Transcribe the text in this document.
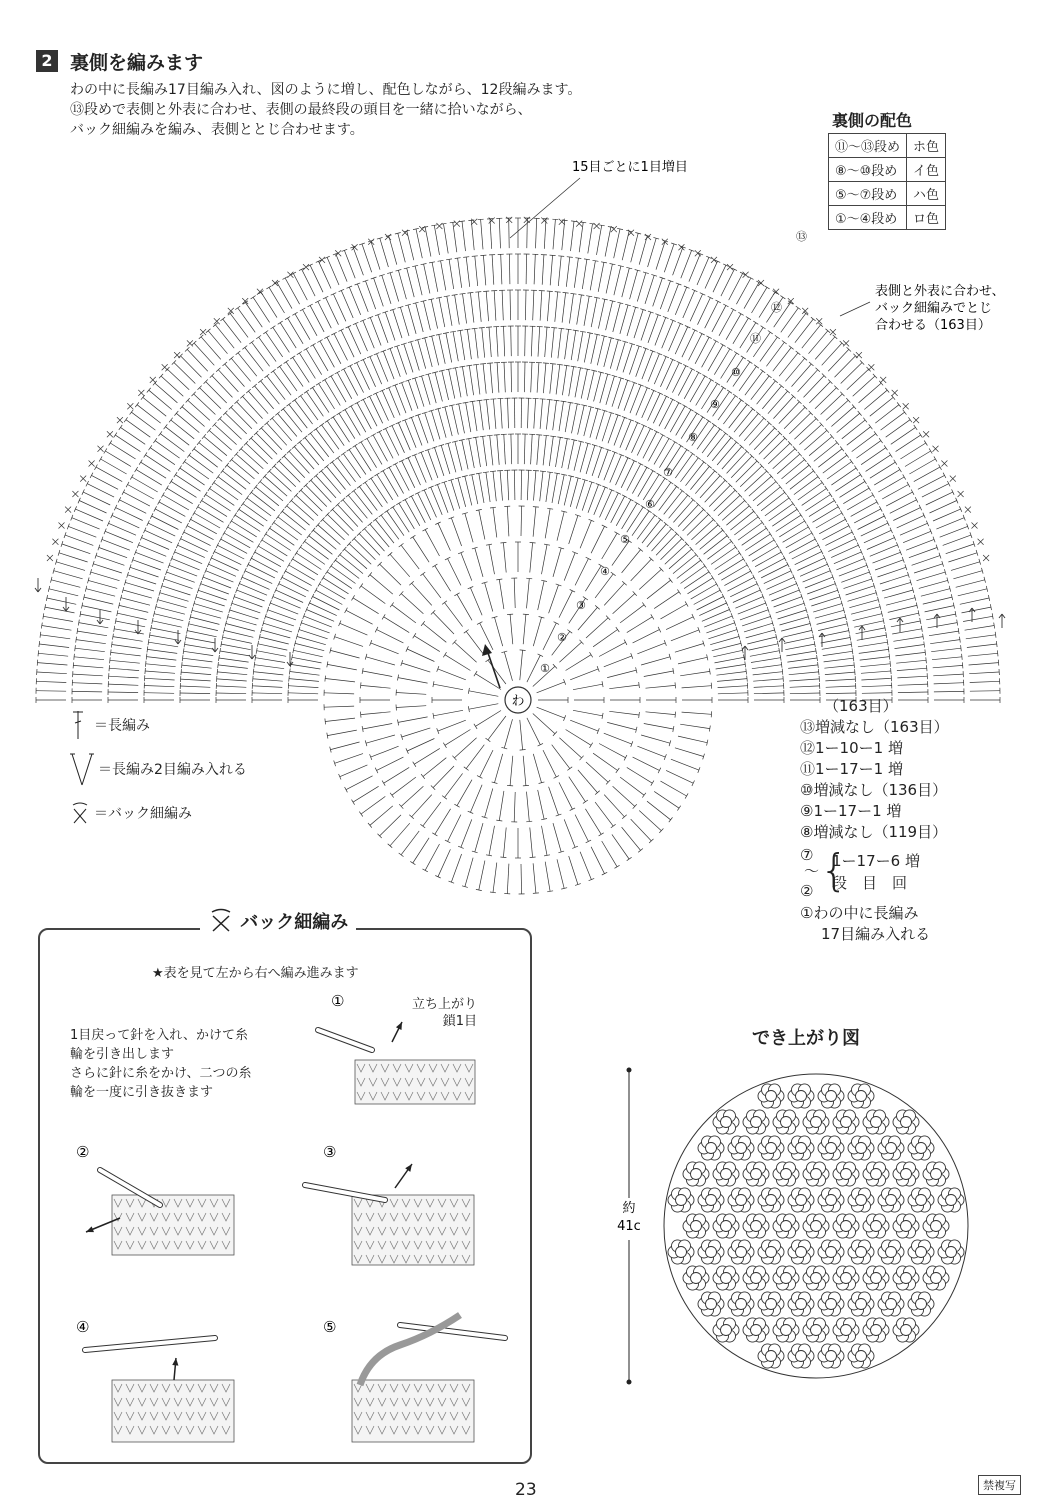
2 裏側を編みます
わの中に長編み17目編み入れ、図のように増し、配色しながら、12段編みます。
⑬段めで表側と外表に合わせ、表側の最終段の頭目を一緒に拾いながら、
バック細編みを編み、表側ととじ合わせます。	裏側の配色
⑪～⑬段め	ホ色
⑧～⑩段め	イ色
⑤～⑦段め	ハ色
①～④段め	ロ色
わ
15目ごとに1目増目
表側と外表に合わせ、
バック細編みでとじ
合わせる（163目）
①
②
③
④
⑤
⑥
⑦
⑧
⑨
⑩
⑪
⑫
⑬
＝長編み
＝長編み2目編み入れる
＝バック細編み
（163目）
⑬増減なし（163目）
⑫1ー10ー1 増
⑪1ー17ー1 増
⑩増減なし（136目）
⑨1ー17ー1 増
⑧増減なし（119目）
⑦
～
② {
1ー17ー6 増
段　目　回
①わの中に長編み
17目編み入れる
バック細編み
★表を見て左から右へ編み進みます
1目戻って針を入れ、かけて糸
輪を引き出します
さらに針に糸をかけ、二つの糸
輪を一度に引き抜きます
立ち上がり
鎖1目
①
②	③
④	⑤
でき上がり図
約
41c
23	禁複写
